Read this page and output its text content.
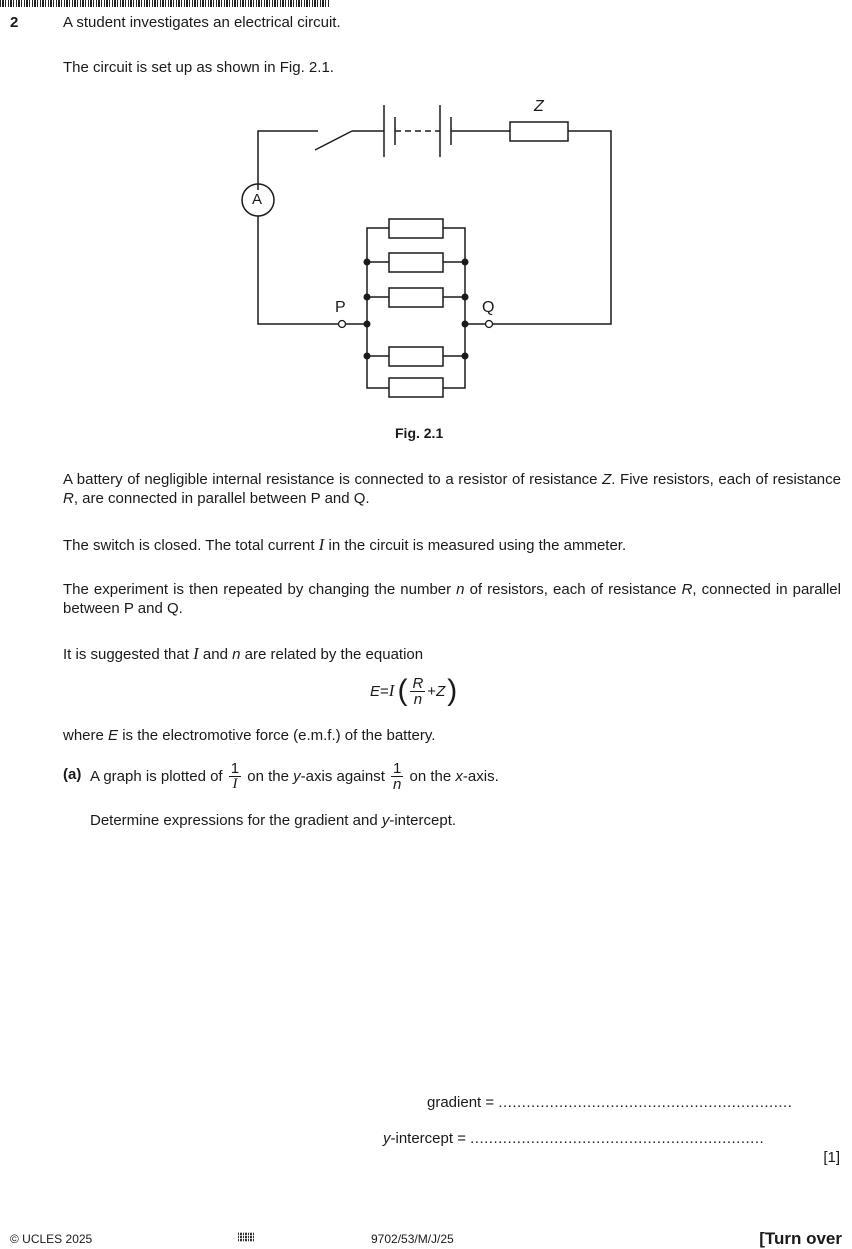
2	A student investigates an electrical circuit.
The circuit is set up as shown in Fig. 2.1.
Z
A
P	Q
Fig. 2.1
A battery of negligible internal resistance is connected to a resistor of resistance Z. Five resistors, each of resistance R, are connected in parallel between P and Q.
The switch is closed. The total current I in the circuit is measured using the ammeter.
The experiment is then repeated by changing the number n of resistors, each of resistance R, connected in parallel between P and Q.
It is suggested that I and n are related by the equation
E = I ( $\frac{R}{n} + Z$ )
where E is the electromotive force (e.m.f.) of the battery.
(a) A graph is plotted of $\frac{1}{I}$ on the y -axis against $\frac{1}{n}$ on the x -axis.
Determine expressions for the gradient and y-intercept.
gradient = ...............................................................
y-intercept = ...............................................................
[1]
© UCLES 2025	9702/53/M/J/25	[Turn over
